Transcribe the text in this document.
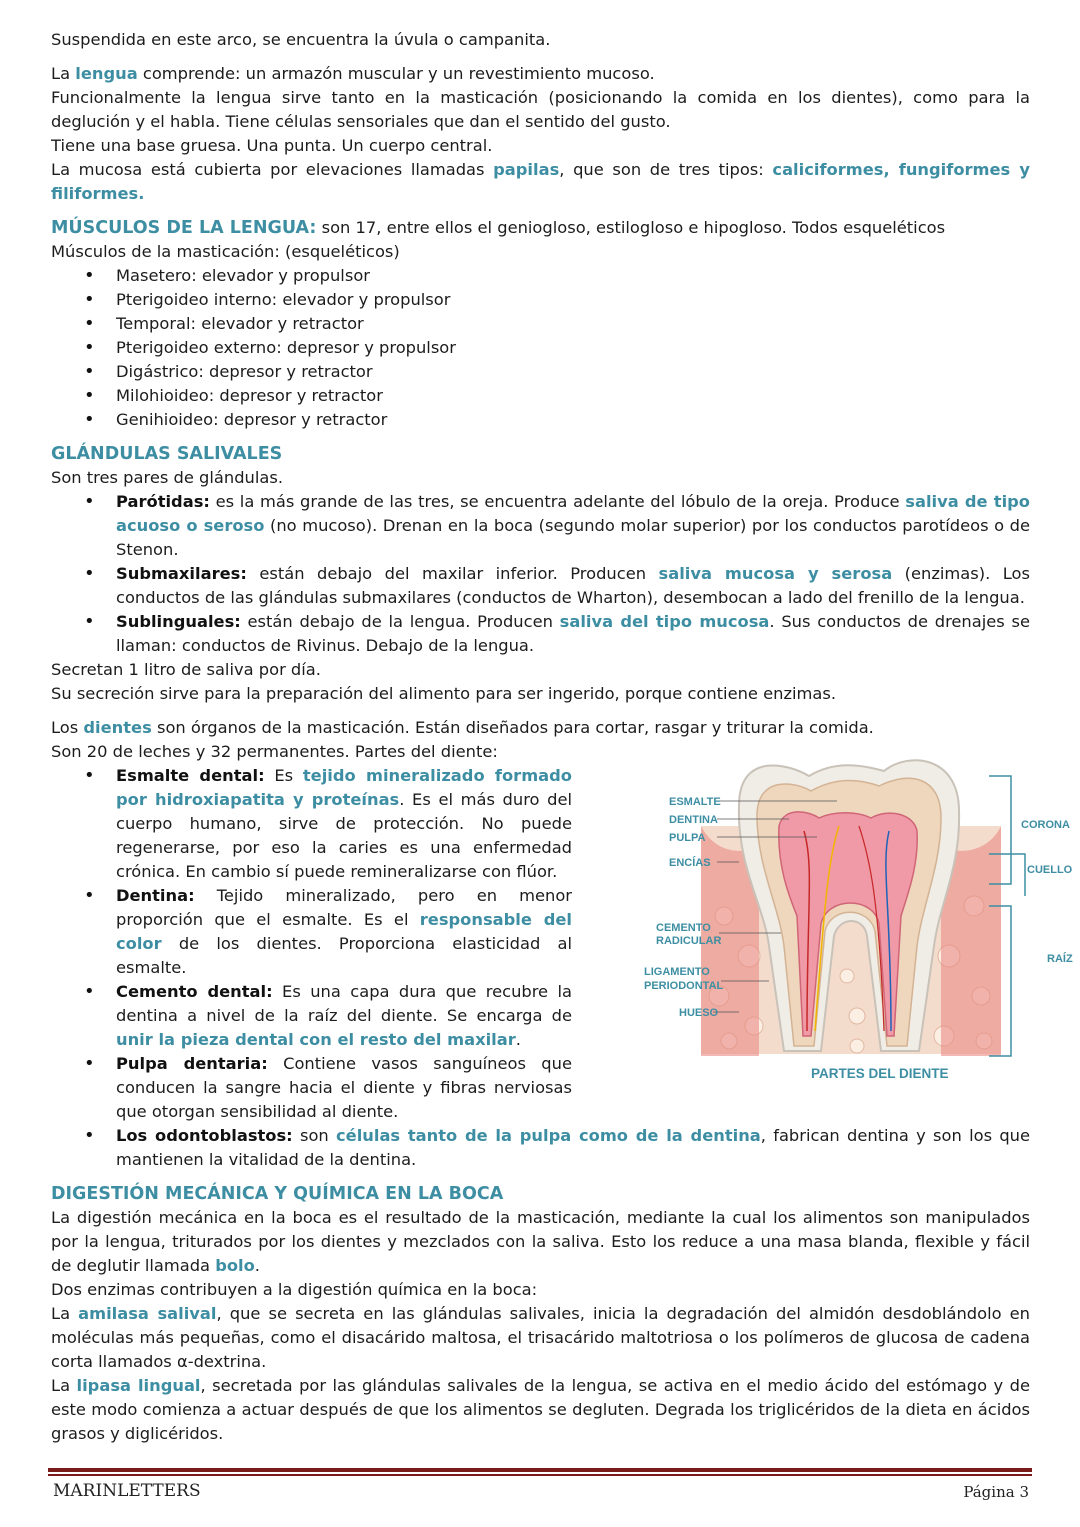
Suspendida en este arco, se encuentra la úvula o campanita.

La lengua comprende: un armazón muscular y un revestimiento mucoso.

Funcionalmente la lengua sirve tanto en la masticación (posicionando la comida en los dientes), como para la deglución y el habla. Tiene células sensoriales que dan el sentido del gusto.

Tiene una base gruesa. Una punta. Un cuerpo central.

La mucosa está cubierta por elevaciones llamadas papilas, que son de tres tipos: caliciformes, fungiformes y filiformes.

MÚSCULOS DE LA LENGUA: son 17, entre ellos el geniogloso, estilogloso e hipogloso. Todos esqueléticos

Músculos de la masticación: (esqueléticos)

• Masetero: elevador y propulsor
• Pterigoideo interno: elevador y propulsor
• Temporal: elevador y retractor
• Pterigoideo externo: depresor y propulsor
• Digástrico: depresor y retractor
• Milohioideo: depresor y retractor
• Genihioideo: depresor y retractor
GLÁNDULAS SALIVALES

Son tres pares de glándulas.

• Parótidas: es la más grande de las tres, se encuentra adelante del lóbulo de la oreja. Produce saliva de tipo acuoso o seroso (no mucoso). Drenan en la boca (segundo molar superior) por los conductos parotídeos o de Stenon.
• Submaxilares: están debajo del maxilar inferior. Producen saliva mucosa y serosa (enzimas). Los conductos de las glándulas submaxilares (conductos de Wharton), desembocan a lado del frenillo de la lengua.
• Sublinguales: están debajo de la lengua. Producen saliva del tipo mucosa. Sus conductos de drenajes se llaman: conductos de Rivinus. Debajo de la lengua.

Secretan 1 litro de saliva por día.

Su secreción sirve para la preparación del alimento para ser ingerido, porque contiene enzimas.

Los dientes son órganos de la masticación. Están diseñados para cortar, rasgar y triturar la comida.

Son 20 de leches y 32 permanentes. Partes del diente:

• Esmalte dental: Es tejido mineralizado formado por hidroxiapatita y proteínas. Es el más duro del cuerpo humano, sirve de protección. No puede regenerarse, por eso la caries es una enfermedad crónica. En cambio sí puede remineralizarse con flúor.
• Dentina: Tejido mineralizado, pero en menor proporción que el esmalte. Es el responsable del color de los dientes. Proporciona elasticidad al esmalte.
• Cemento dental: Es una capa dura que recubre la dentina a nivel de la raíz del diente. Se encarga de unir la pieza dental con el resto del maxilar.
• Pulpa dentaria: Contiene vasos sanguíneos que conducen la sangre hacia el diente y fibras nerviosas que otorgan sensibilidad al diente.
ESMALTE
DENTINA
PULPA
ENCÍAS
CEMENTO
RADICULAR
LIGAMENTO
PERIODONTAL
HUESO
CORONA
CUELLO
RAÍZ
PARTES DEL DIENTE
• Los odontoblastos: son células tanto de la pulpa como de la dentina, fabrican dentina y son los que mantienen la vitalidad de la dentina.
DIGESTIÓN MECÁNICA Y QUÍMICA EN LA BOCA

La digestión mecánica en la boca es el resultado de la masticación, mediante la cual los alimentos son manipulados por la lengua, triturados por los dientes y mezclados con la saliva. Esto los reduce a una masa blanda, flexible y fácil de deglutir llamada bolo.

Dos enzimas contribuyen a la digestión química en la boca:

La amilasa salival, que se secreta en las glándulas salivales, inicia la degradación del almidón desdoblándolo en moléculas más pequeñas, como el disacárido maltosa, el trisacárido maltotriosa o los polímeros de glucosa de cadena corta llamados α-dextrina.

La lipasa lingual, secretada por las glándulas salivales de la lengua, se activa en el medio ácido del estómago y de este modo comienza a actuar después de que los alimentos se degluten. Degrada los triglicéridos de la dieta en ácidos grasos y diglicéridos.

MARINLETTERS	Página 3
